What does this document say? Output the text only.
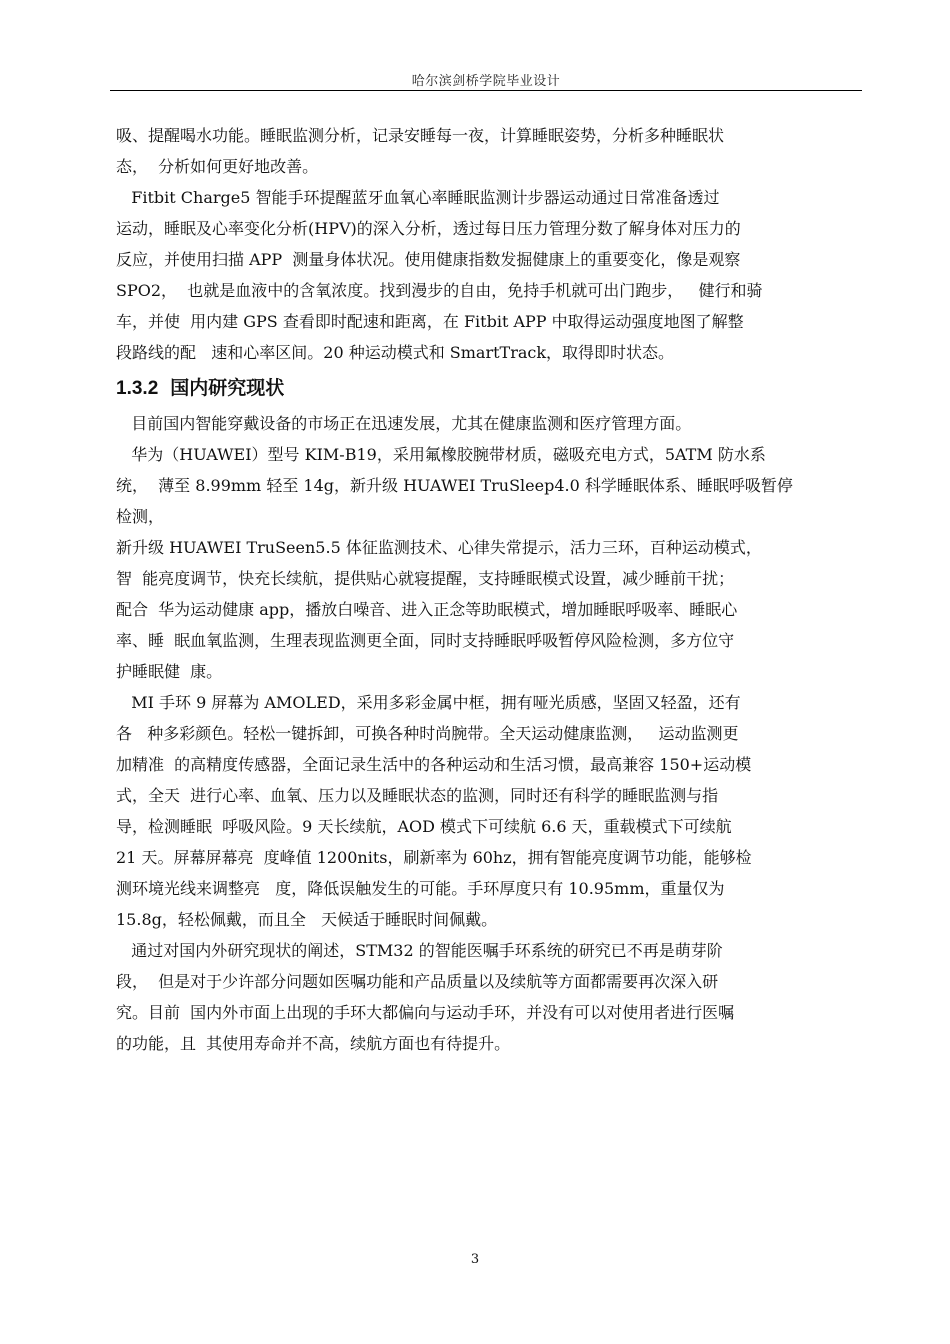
哈尔滨剑桥学院毕业设计
吸、提醒喝水功能。睡眠监测分析，记录安睡每一夜，计算睡眠姿势，分析多种睡眠状
态，  分析如何更好地改善。
Fitbit Charge5 智能手环提醒蓝牙血氧心率睡眠监测计步器运动通过日常准备透过
运动，睡眠及心率变化分析(HPV)的深入分析，透过每日压力管理分数了解身体对压力的
反应，并使用扫描 APP  测量身体状况。使用健康指数发掘健康上的重要变化，像是观察
SPO2，  也就是血液中的含氧浓度。找到漫步的自由，免持手机就可出门跑步，   健行和骑
车，并使  用内建 GPS 查看即时配速和距离，在 Fitbit APP 中取得运动强度地图了解整
段路线的配   速和心率区间。20 种运动模式和 SmartTrack，取得即时状态。
1.3.2 国内研究现状
目前国内智能穿戴设备的市场正在迅速发展，尤其在健康监测和医疗管理方面。
华为（HUAWEI）型号 KIM-B19，采用氟橡胶腕带材质，磁吸充电方式，5ATM 防水系
统，  薄至 8.99mm 轻至 14g，新升级 HUAWEI TruSleep4.0 科学睡眠体系、睡眠呼吸暂停
检测，
新升级 HUAWEI TruSeen5.5 体征监测技术、心律失常提示，活力三环，百种运动模式，
智  能亮度调节，快充长续航，提供贴心就寝提醒，支持睡眠模式设置，减少睡前干扰；
配合  华为运动健康 app，播放白噪音、进入正念等助眠模式，增加睡眠呼吸率、睡眠心
率、睡  眠血氧监测，生理表现监测更全面，同时支持睡眠呼吸暂停风险检测，多方位守
护睡眠健  康。
MI 手环 9 屏幕为 AMOLED，采用多彩金属中框，拥有哑光质感，坚固又轻盈，还有
各   种多彩颜色。轻松一键拆卸，可换各种时尚腕带。全天运动健康监测，   运动监测更
加精准  的高精度传感器，全面记录生活中的各种运动和生活习惯，最高兼容 150+运动模
式，全天  进行心率、血氧、压力以及睡眠状态的监测，同时还有科学的睡眠监测与指
导，检测睡眠  呼吸风险。9 天长续航，AOD 模式下可续航 6.6 天，重载模式下可续航
21 天。屏幕屏幕亮  度峰值 1200nits，刷新率为 60hz，拥有智能亮度调节功能，能够检
测环境光线来调整亮   度，降低误触发生的可能。手环厚度只有 10.95mm，重量仅为
15.8g，轻松佩戴，而且全   天候适于睡眠时间佩戴。
通过对国内外研究现状的阐述，STM32 的智能医嘱手环系统的研究已不再是萌芽阶
段，  但是对于少许部分问题如医嘱功能和产品质量以及续航等方面都需要再次深入研
究。目前  国内外市面上出现的手环大都偏向与运动手环，并没有可以对使用者进行医嘱
的功能，且  其使用寿命并不高，续航方面也有待提升。
3
